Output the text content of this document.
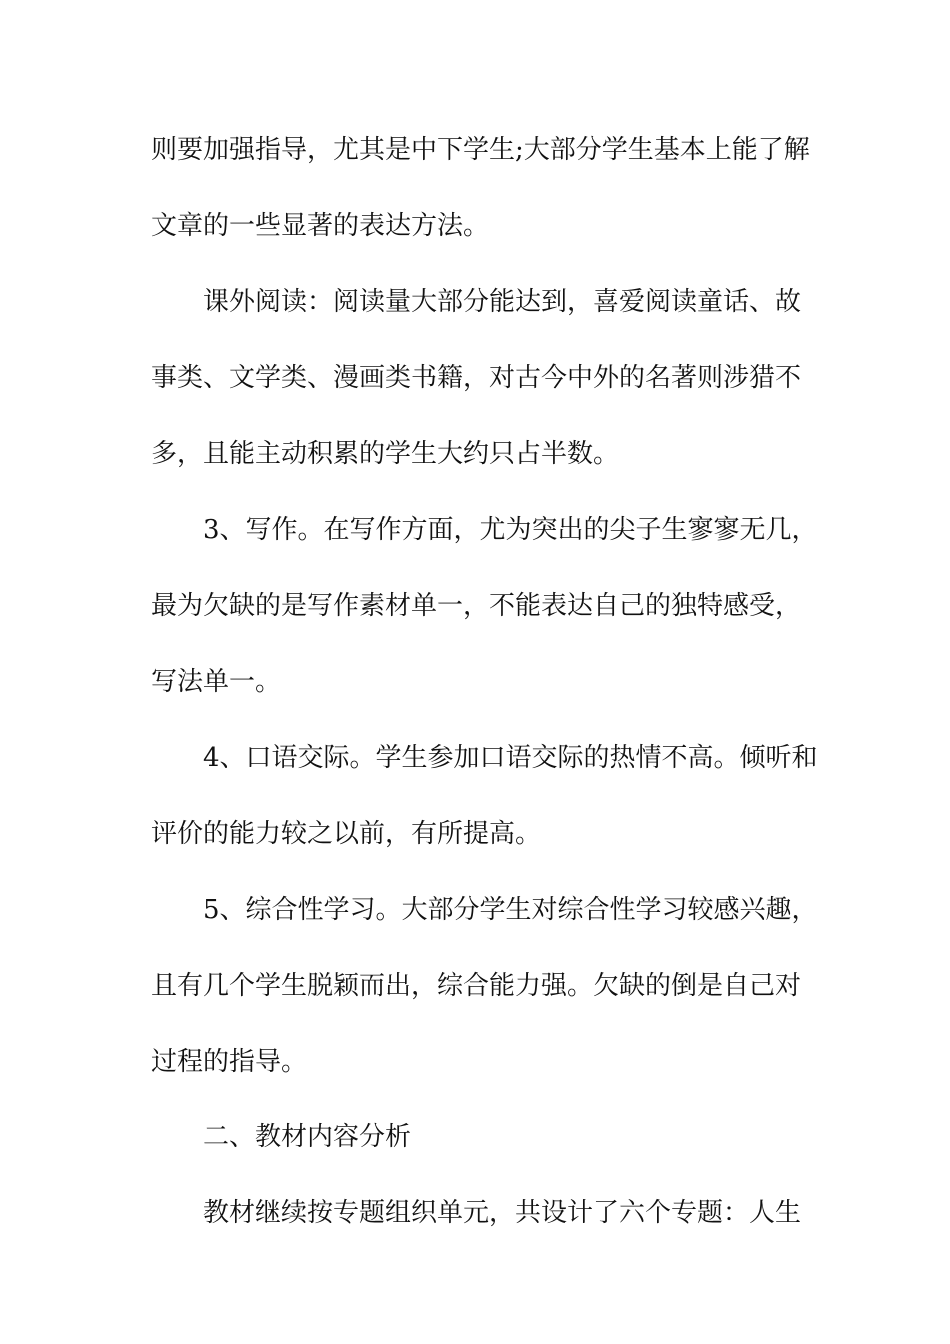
则要加强指导，尤其是中下学生;大部分学生基本上能了解
文章的一些显著的表达方法。
课外阅读：阅读量大部分能达到，喜爱阅读童话、故
事类、文学类、漫画类书籍，对古今中外的名著则涉猎不
多，且能主动积累的学生大约只占半数。
3、写作。在写作方面，尤为突出的尖子生寥寥无几，
最为欠缺的是写作素材单一，不能表达自己的独特感受，
写法单一。
4、口语交际。学生参加口语交际的热情不高。倾听和
评价的能力较之以前，有所提高。
5、综合性学习。大部分学生对综合性学习较感兴趣，
且有几个学生脱颖而出，综合能力强。欠缺的倒是自己对
过程的指导。
二、教材内容分析
教材继续按专题组织单元，共设计了六个专题：人生
